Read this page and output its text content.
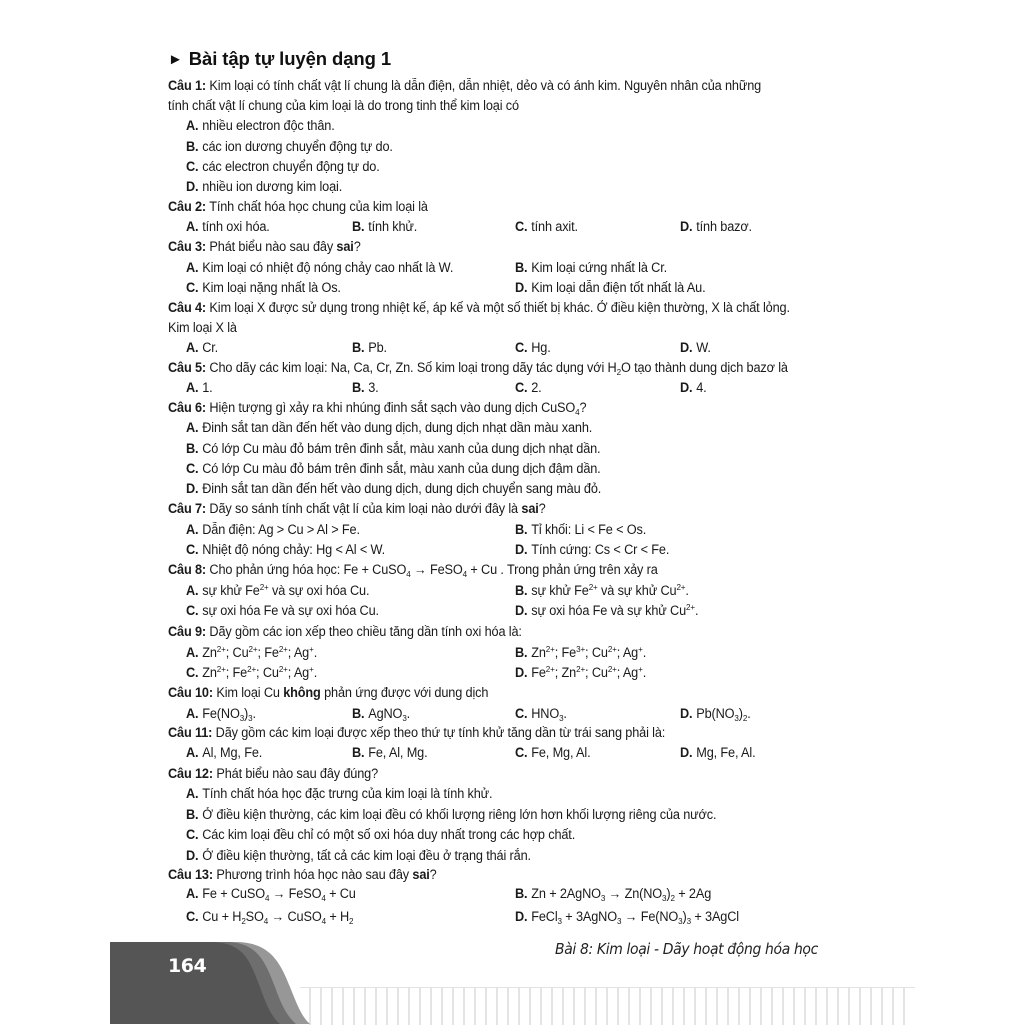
► Bài tập tự luyện dạng 1
Câu 1: Kim loại có tính chất vật lí chung là dẫn điện, dẫn nhiệt, dẻo và có ánh kim. Nguyên nhân của những
tính chất vật lí chung của kim loại là do trong tinh thể kim loại có
A. nhiều electron độc thân.
B. các ion dương chuyển động tự do.
C. các electron chuyển động tự do.
D. nhiều ion dương kim loại.
Câu 2: Tính chất hóa học chung của kim loại là
A. tính oxi hóa.	B. tính khử.	C. tính axit.	D. tính bazơ.
Câu 3: Phát biểu nào sau đây sai?
A. Kim loại có nhiệt độ nóng chảy cao nhất là W.	B. Kim loại cứng nhất là Cr.
C. Kim loại nặng nhất là Os.	D. Kim loại dẫn điện tốt nhất là Au.
Câu 4: Kim loại X được sử dụng trong nhiệt kế, áp kế và một số thiết bị khác. Ở điều kiện thường, X là chất lỏng.
Kim loại X là
A. Cr.	B. Pb.	C. Hg.	D. W.
Câu 5: Cho dãy các kim loại: Na, Ca, Cr, Zn. Số kim loại trong dãy tác dụng với $H_2O$ tạo thành dung dịch bazơ là
A. 1.	B. 3.	C. 2.	D. 4.
Câu 6: Hiện tượng gì xảy ra khi nhúng đinh sắt sạch vào dung dịch CuSO$_4$?
A. Đinh sắt tan dần đến hết vào dung dịch, dung dịch nhạt dần màu xanh.
B. Có lớp Cu màu đỏ bám trên đinh sắt, màu xanh của dung dịch nhạt dần.
C. Có lớp Cu màu đỏ bám trên đinh sắt, màu xanh của dung dịch đậm dần.
D. Đinh sắt tan dần đến hết vào dung dịch, dung dịch chuyển sang màu đỏ.
Câu 7: Dãy so sánh tính chất vật lí của kim loại nào dưới đây là sai?
A. Dẫn điện: Ag > Cu > Al > Fe.	B. Tỉ khối: Li < Fe < Os.
C. Nhiệt độ nóng chảy: Hg < Al < W.	D. Tính cứng: Cs < Cr < Fe.
Câu 8: Cho phản ứng hóa học: Fe + CuSO$_4$ → FeSO$_4$ + Cu . Trong phản ứng trên xảy ra
A. sự khử $Fe^{2+}$ và sự oxi hóa Cu.	B. sự khử $Fe^{2+}$ và sự khử $Cu^{2+}$.
C. sự oxi hóa Fe và sự oxi hóa Cu.	D. sự oxi hóa Fe và sự khử $Cu^{2+}$.
Câu 9: Dãy gồm các ion xếp theo chiều tăng dần tính oxi hóa là:
A. $Zn^{2+}$; $Cu^{2+}$; $Fe^{2+}$; Ag+.	B. $Zn^{2+}$; $Fe^{3+}$; $Cu^{2+}$; Ag+.
C. $Zn^{2+}$; $Fe^{2+}$; $Cu^{2+}$; Ag+.	D. $Fe^{2+}$; $Zn^{2+}$; $Cu^{2+}$; Ag+.
Câu 10: Kim loại Cu không phản ứng được với dung dịch
A. $Fe(NO_3)_3$.	B. AgNO$_3$.	C. $HNO_3$.	D. $Pb(NO_3)_2$.
Câu 11: Dãy gồm các kim loại được xếp theo thứ tự tính khử tăng dần từ trái sang phải là:
A. Al, Mg, Fe.	B. Fe, Al, Mg.	C. Fe, Mg, Al.	D. Mg, Fe, Al.
Câu 12: Phát biểu nào sau đây đúng?
A. Tính chất hóa học đặc trưng của kim loại là tính khử.
B. Ở điều kiện thường, các kim loại đều có khối lượng riêng lớn hơn khối lượng riêng của nước.
C. Các kim loại đều chỉ có một số oxi hóa duy nhất trong các hợp chất.
D. Ở điều kiện thường, tất cả các kim loại đều ở trạng thái rắn.
Câu 13: Phương trình hóa học nào sau đây sai?
A. Fe + CuSO$_4$ → FeSO$_4$ + Cu	B. Zn + 2AgNO$_3$ → $Zn(NO_3)_2 + 2Ag$
C. $Cu + H_2SO_4$ → CuSO$_4$ + $H_2$	D. FeCl$_3$ + 3AgNO$_3$ → $Fe(NO_3)_3$ + 3AgCl
164
Bài 8: Kim loại - Dãy hoạt động hóa học
